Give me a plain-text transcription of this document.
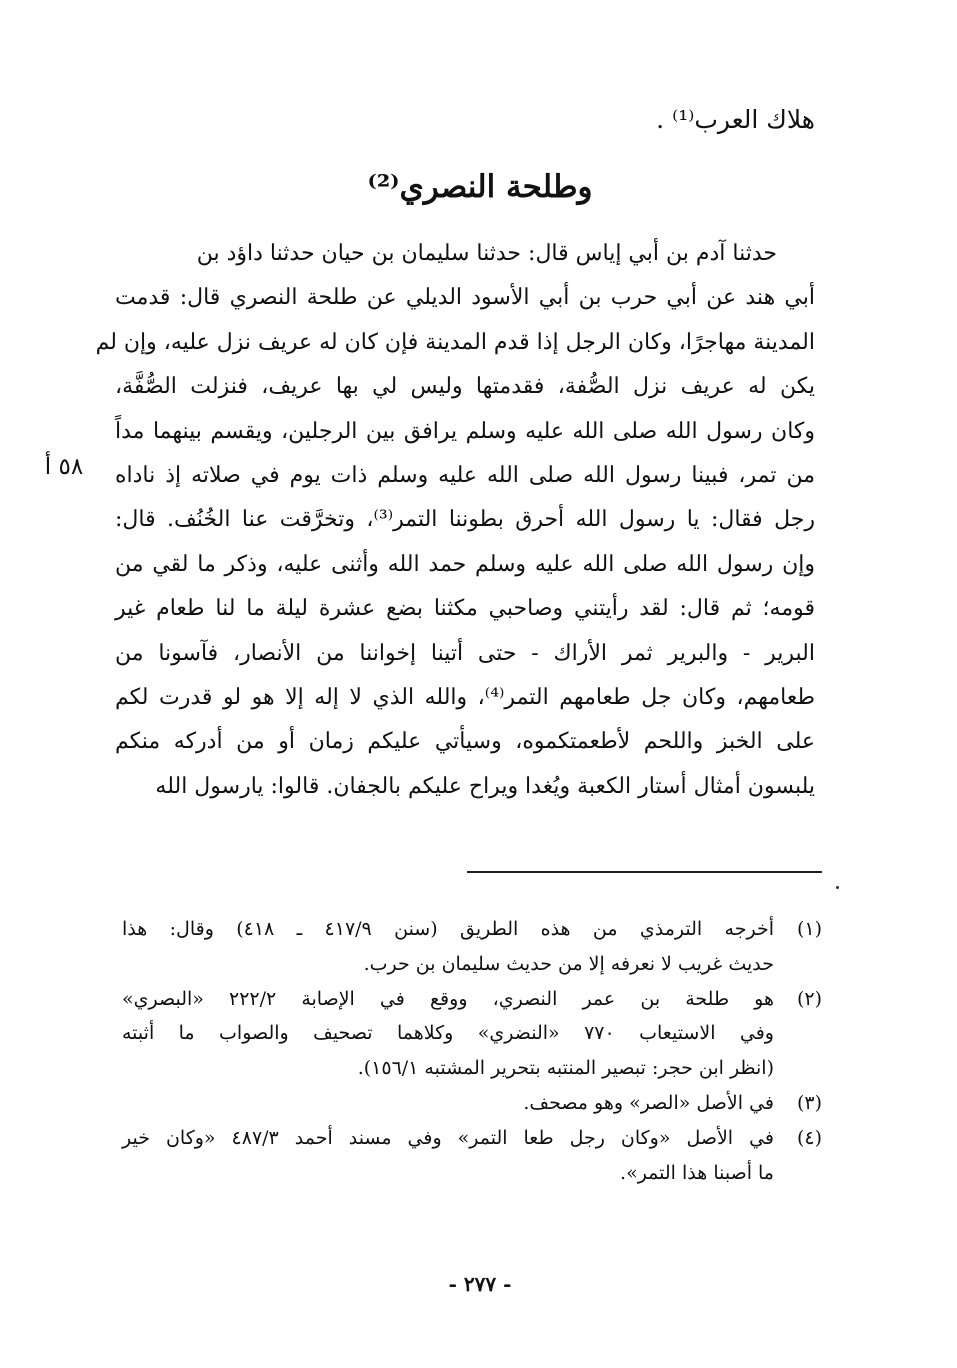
هلاك العرب⁽¹⁾ .
وطلحة النصري⁽²⁾
حدثنا آدم بن أبي إياس قال: حدثنا سليمان بن حيان حدثنا داؤد بن
أبي هند عن أبي حرب بن أبي الأسود الديلي عن طلحة النصري قال: قدمت
المدينة مهاجرًا، وكان الرجل إذا قدم المدينة فإن كان له عريف نزل عليه، وإن لم
يكن له عريف نزل الصُّفة، فقدمتها وليس لي بها عريف، فنزلت الصُّفَّة،
وكان رسول الله صلى الله عليه وسلم يرافق بين الرجلين، ويقسم بينهما مداً
من تمر، فبينا رسول الله صلى الله عليه وسلم ذات يوم في صلاته إذ ناداه
رجل فقال: يا رسول الله أحرق بطوننا التمر⁽³⁾، وتخرَّقت عنا الخُنُف. قال:
وإن رسول الله صلى الله عليه وسلم حمد الله وأثنى عليه، وذكر ما لقي من
قومه؛ ثم قال: لقد رأيتني وصاحبي مكثنا بضع عشرة ليلة ما لنا طعام غير
البرير - والبرير ثمر الأراك - حتى أتينا إخواننا من الأنصار، فآسونا من
طعامهم، وكان جل طعامهم التمر⁽⁴⁾، والله الذي لا إله إلا هو لو قدرت لكم
على الخبز واللحم لأطعمتكموه، وسيأتي عليكم زمان أو من أدركه منكم
يلبسون أمثال أستار الكعبة ويُغدا ويراح عليكم بالجفان. قالوا: يارسول الله
٥٨ أ
(١)
أخرجه الترمذي من هذه الطريق (سنن ٤١٧/٩ ـ ٤١٨) وقال: هذا
حديث غريب لا نعرفه إلا من حديث سليمان بن حرب.
(٢)
هو طلحة بن عمر النصري، ووقع في الإصابة ٢٢٢/٢ «البصري»
وفي الاستيعاب ٧٧٠ «النضري» وكلاهما تصحيف والصواب ما أثبته
(انظر ابن حجر: تبصير المنتبه بتحرير المشتبه ١٥٦/١).
(٣)
في الأصل «الصر» وهو مصحف.
(٤)
في الأصل «وكان رجل طعا التمر» وفي مسند أحمد ٤٨٧/٣ «وكان خير
ما أصبنا هذا التمر».
- ٢٧٧ -
